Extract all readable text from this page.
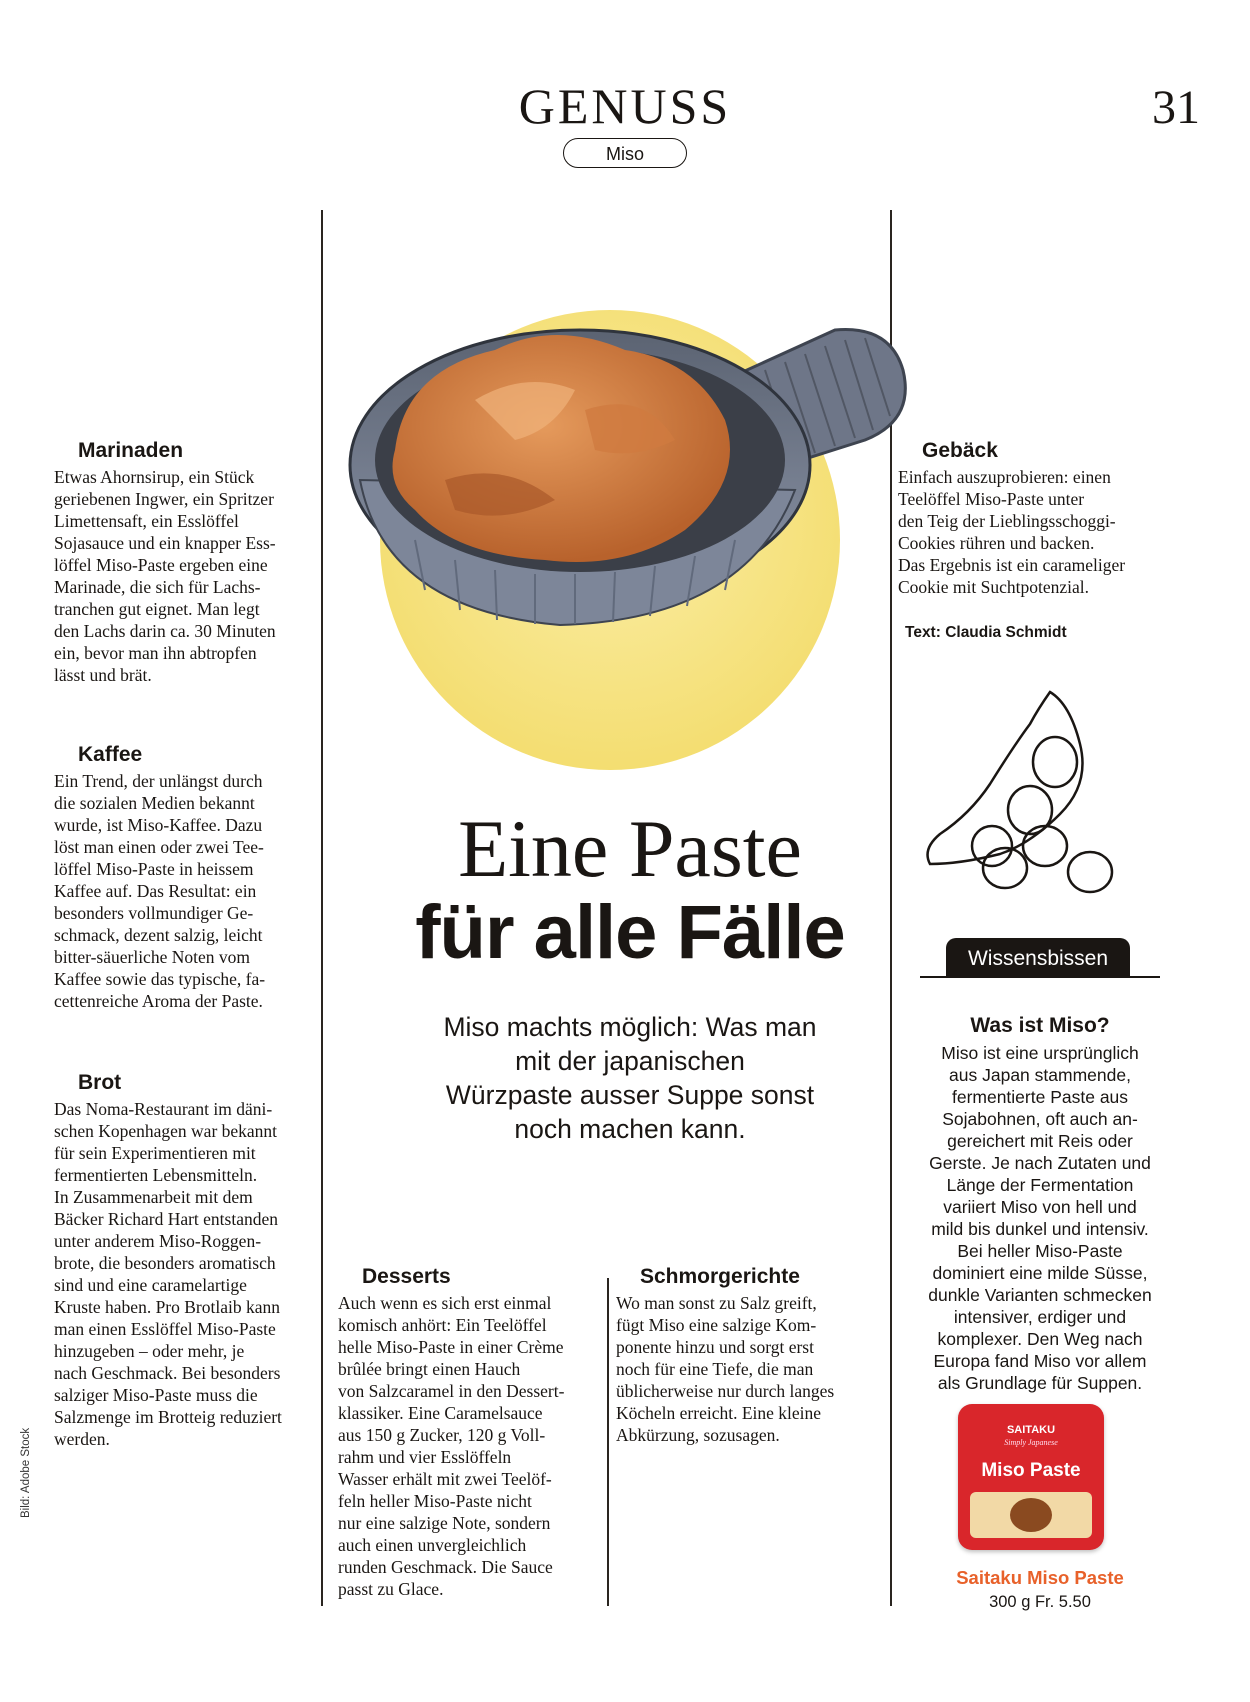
GENUSS
Miso
31
Eine Paste
für alle Fälle
Miso machts möglich: Was man
mit der japanischen
Würzpaste ausser Suppe sonst
noch machen kann.
Marinaden
Etwas Ahornsirup, ein Stück
geriebenen Ingwer, ein Spritzer
Limettensaft, ein Esslöffel
Sojasauce und ein knapper Ess-
löffel Miso-Paste ergeben eine
Marinade, die sich für Lachs-
tranchen gut eignet. Man legt
den Lachs darin ca. 30 Minuten
ein, bevor man ihn abtropfen
lässt und brät.
Kaffee
Ein Trend, der unlängst durch
die sozialen Medien bekannt
wurde, ist Miso-Kaffee. Dazu
löst man einen oder zwei Tee-
löffel Miso-Paste in heissem
Kaffee auf. Das Resultat: ein
besonders vollmundiger Ge-
schmack, dezent salzig, leicht
bitter-säuerliche Noten vom
Kaffee sowie das typische, fa-
cettenreiche Aroma der Paste.
Brot
Das Noma-Restaurant im däni-
schen Kopenhagen war bekannt
für sein Experimentieren mit
fermentierten Lebensmitteln.
In Zusammenarbeit mit dem
Bäcker Richard Hart entstanden
unter anderem Miso-Roggen-
brote, die besonders aromatisch
sind und eine caramelartige
Kruste haben. Pro Brotlaib kann
man einen Esslöffel Miso-Paste
hinzugeben – oder mehr, je
nach Geschmack. Bei besonders
salziger Miso-Paste muss die
Salzmenge im Brotteig reduziert
werden.
Desserts
Auch wenn es sich erst einmal
komisch anhört: Ein Teelöffel
helle Miso-Paste in einer Crème
brûlée bringt einen Hauch
von Salzcaramel in den Dessert-
klassiker. Eine Caramelsauce
aus 150 g Zucker, 120 g Voll-
rahm und vier Esslöffeln
Wasser erhält mit zwei Teelöf-
feln heller Miso-Paste nicht
nur eine salzige Note, sondern
auch einen unvergleichlich
runden Geschmack. Die Sauce
passt zu Glace.
Schmorgerichte
Wo man sonst zu Salz greift,
fügt Miso eine salzige Kom-
ponente hinzu und sorgt erst
noch für eine Tiefe, die man
üblicherweise nur durch langes
Köcheln erreicht. Eine kleine
Abkürzung, sozusagen.
Gebäck
Einfach auszuprobieren: einen
Teelöffel Miso-Paste unter
den Teig der Lieblingsschoggi-
Cookies rühren und backen.
Das Ergebnis ist ein carameliger
Cookie mit Suchtpotenzial.
Text: Claudia Schmidt
Wissensbissen
Was ist Miso?
Miso ist eine ursprünglich
aus Japan stammende,
fermentierte Paste aus
Sojabohnen, oft auch an-
gereichert mit Reis oder
Gerste. Je nach Zutaten und
Länge der Fermentation
variiert Miso von hell und
mild bis dunkel und intensiv.
Bei heller Miso-Paste
dominiert eine milde Süsse,
dunkle Varianten schmecken
intensiver, erdiger und
komplexer. Den Weg nach
Europa fand Miso vor allem
als Grundlage für Suppen.
SAITAKU
Simply Japanese
Miso Paste
Saitaku Miso Paste
300 g Fr. 5.50
Bild: Adobe Stock
